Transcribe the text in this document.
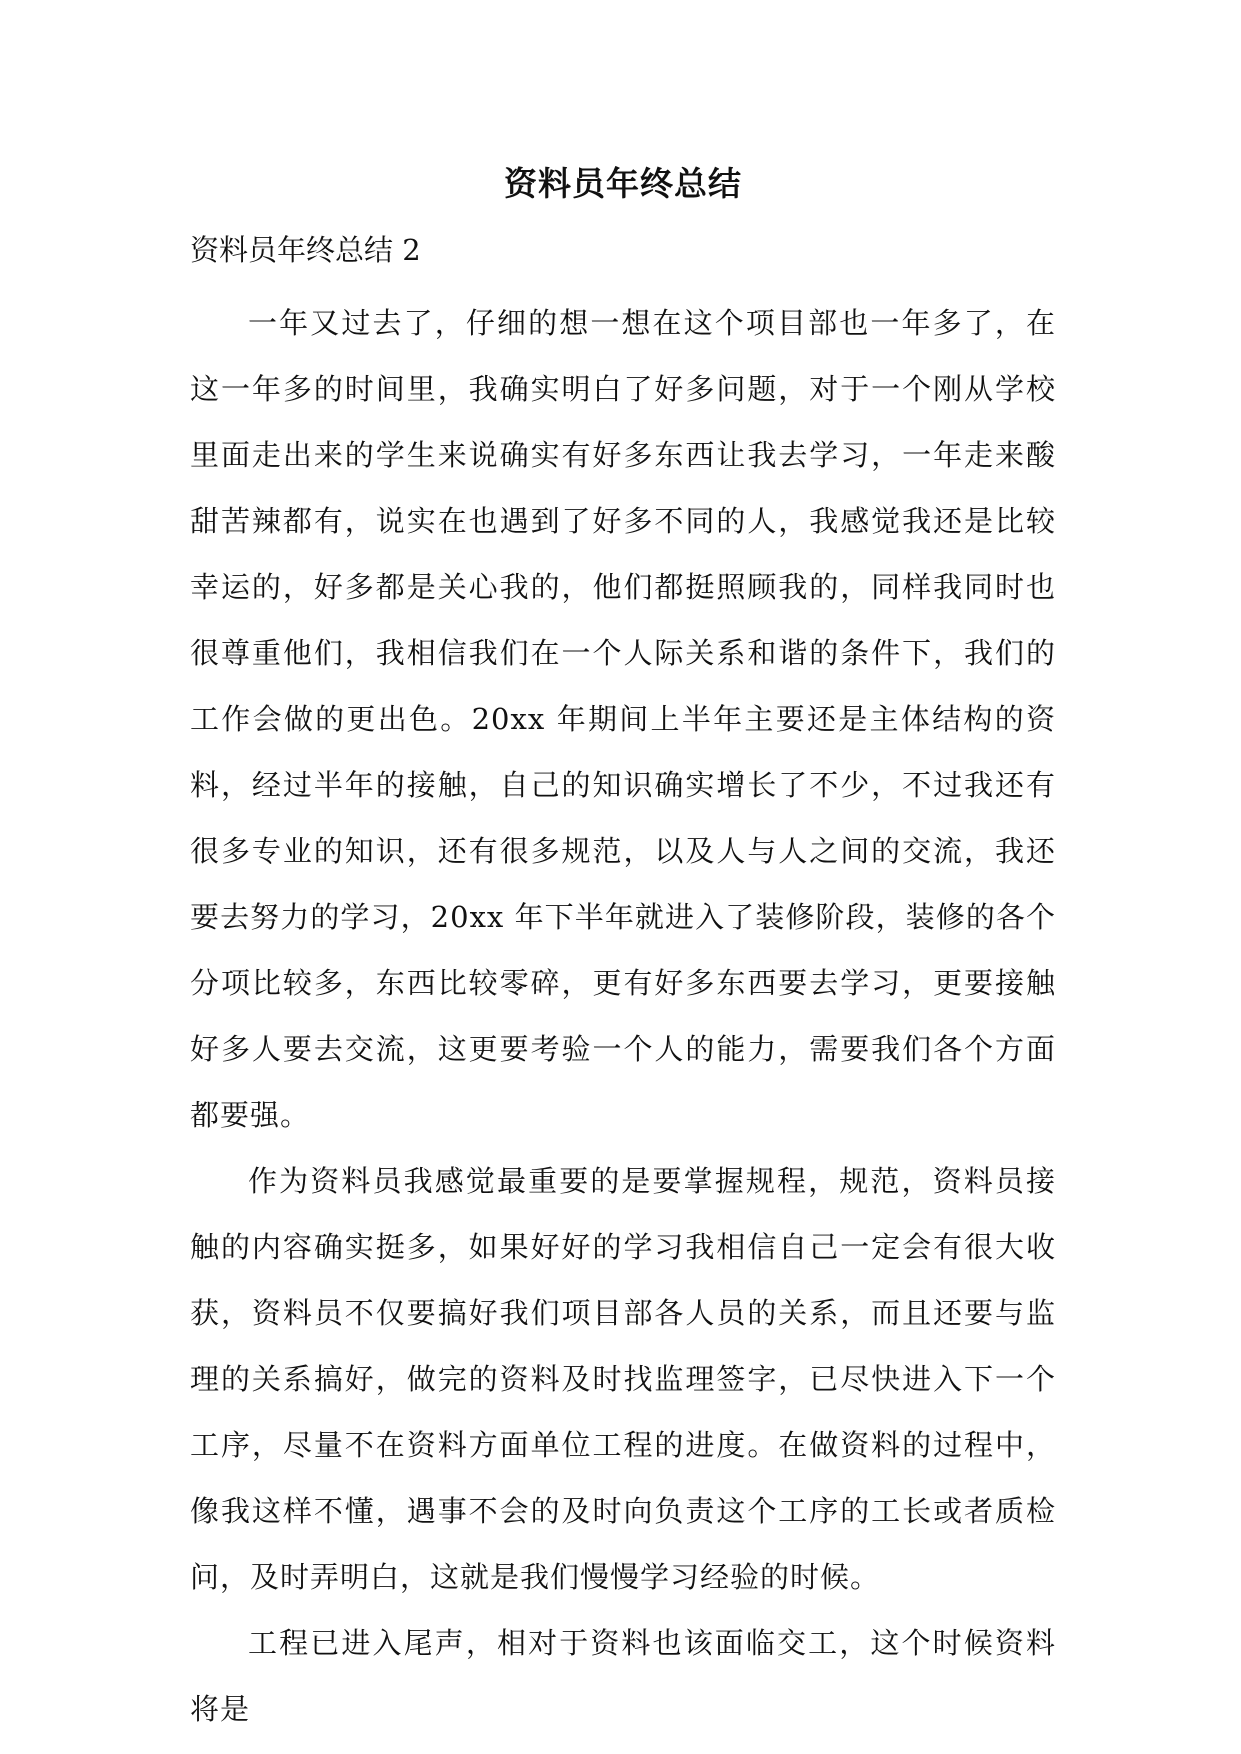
资料员年终总结
资料员年终总结 2

一年又过去了，仔细的想一想在这个项目部也一年多了，在这一年多的时间里，我确实明白了好多问题，对于一个刚从学校里面走出来的学生来说确实有好多东西让我去学习，一年走来酸甜苦辣都有，说实在也遇到了好多不同的人，我感觉我还是比较幸运的，好多都是关心我的，他们都挺照顾我的，同样我同时也很尊重他们，我相信我们在一个人际关系和谐的条件下，我们的工作会做的更出色。20xx 年期间上半年主要还是主体结构的资料，经过半年的接触，自己的知识确实增长了不少，不过我还有很多专业的知识，还有很多规范，以及人与人之间的交流，我还要去努力的学习，20xx 年下半年就进入了装修阶段，装修的各个分项比较多，东西比较零碎，更有好多东西要去学习，更要接触好多人要去交流，这更要考验一个人的能力，需要我们各个方面都要强。

作为资料员我感觉最重要的是要掌握规程，规范，资料员接触的内容确实挺多，如果好好的学习我相信自己一定会有很大收获，资料员不仅要搞好我们项目部各人员的关系，而且还要与监理的关系搞好，做完的资料及时找监理签字，已尽快进入下一个工序，尽量不在资料方面单位工程的进度。在做资料的过程中，像我这样不懂，遇事不会的及时向负责这个工序的工长或者质检问，及时弄明白，这就是我们慢慢学习经验的时候。

工程已进入尾声，相对于资料也该面临交工，这个时候资料将是
